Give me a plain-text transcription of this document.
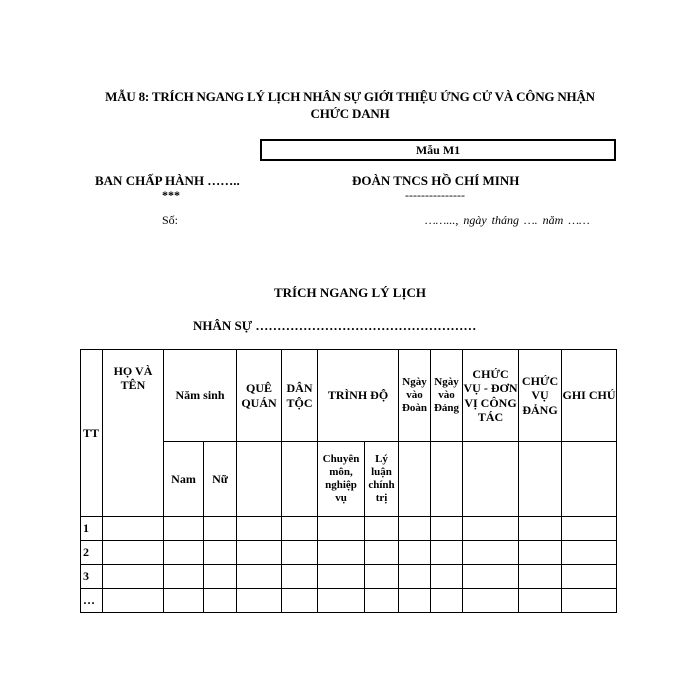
MẪU 8: TRÍCH NGANG LÝ LỊCH NHÂN SỰ GIỚI THIỆU ỨNG CỬ VÀ CÔNG NHẬN
CHỨC DANH
Mẫu M1
BAN CHẤP HÀNH ……..
***
ĐOÀN TNCS HỒ CHÍ MINH
---------------
Số:	……..., ngày tháng …. năm ……
TRÍCH NGANG LÝ LỊCH
NHÂN SỰ ……………………………………………
TT	HỌ VÀ TÊN	Năm sinh		QUÊ QUÁN	DÂN TỘC	TRÌNH ĐỘ		Ngày vào Đoàn	Ngày vào Đảng	CHỨC VỤ - ĐƠN VỊ CÔNG TÁC	CHỨC VỤ ĐẢNG	GHI CHÚ
		Nam	Nữ			Chuyên môn, nghiệp vụ	Lý luận chính trị					
1												
2												
3												
…												
